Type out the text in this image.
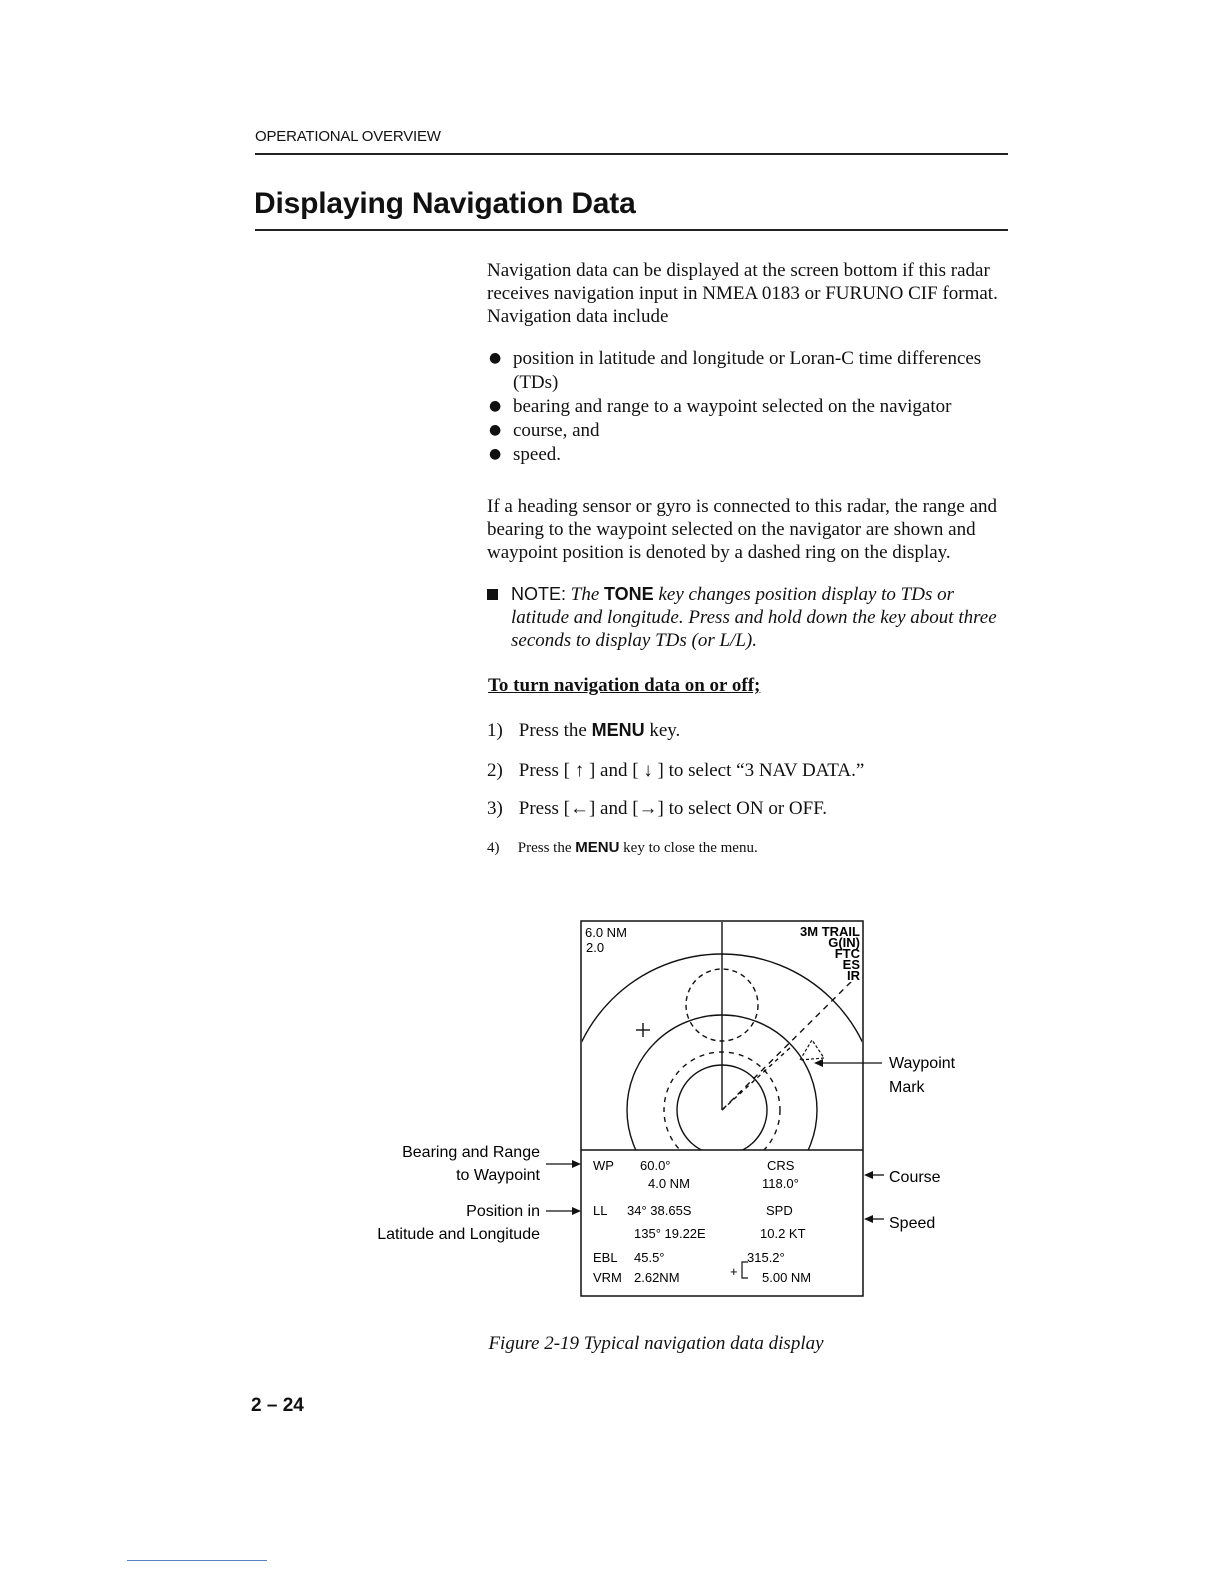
OPERATIONAL OVERVIEW
Displaying Navigation Data
Navigation data can be displayed at the screen bottom if this radar receives navigation input in NMEA 0183 or FURUNO CIF format. Navigation data include
● position in latitude and longitude or Loran-C time differences (TDs)
● bearing and range to a waypoint selected on the navigator
● course, and
● speed.
If a heading sensor or gyro is connected to this radar, the range and bearing to the waypoint selected on the navigator are shown and waypoint position is denoted by a dashed ring on the display.
NOTE: The TONE key changes position display to TDs or latitude and longitude. Press and hold down the key about three seconds to display TDs (or L/L).
To turn navigation data on or off;
1) Press the MENU key.
2) Press [ ↑ ] and [ ↓ ] to select “3 NAV DATA.”
3) Press [←] and [→] to select ON or OFF.
4) Press the MENU key to close the menu.
6.0 NM
2.0
3M TRAIL
G(IN)
FTC
ES
IR
WP 60.0°
4.0 NM
CRS
118.0°
LL 34° 38.65S
135° 19.22E
SPD
10.2 KT
EBL 45.5°
VRM 2.62NM	+
315.2°
5.00 NM
Bearing and Range
to Waypoint
Position in
Latitude and Longitude
Waypoint
Mark
Course
Speed
Figure 2-19 Typical navigation data display
2 – 24
